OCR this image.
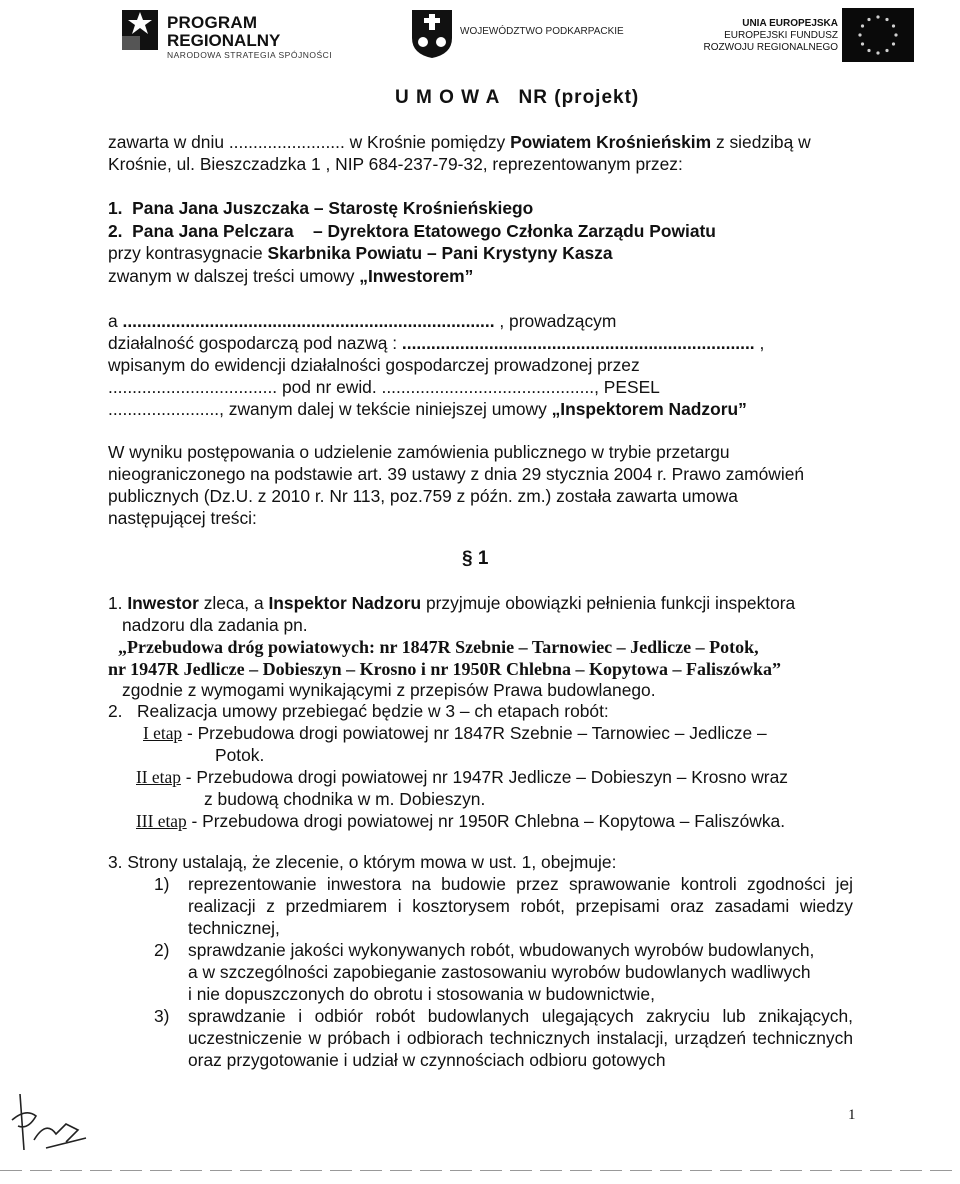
PROGRAM
REGIONALNY
NARODOWA STRATEGIA SPÓJNOŚCI
WOJEWÓDZTWO PODKARPACKIE
UNIA EUROPEJSKA
EUROPEJSKI FUNDUSZ
ROZWOJU REGIONALNEGO
U M O W A   NR (projekt)
zawarta w dniu ........................ w Krośnie pomiędzy Powiatem Krośnieńskim z siedzibą w
Krośnie, ul. Bieszczadzka 1 , NIP 684-237-79-32, reprezentowanym przez:
1.  Pana Jana Juszczaka – Starostę Krośnieńskiego
2.  Pana Jana Pelczara    – Dyrektora Etatowego Członka Zarządu Powiatu
przy kontrasygnacie Skarbnika Powiatu – Pani Krystyny Kasza
zwanym w dalszej treści umowy „Inwestorem”
a ............................................................................. , prowadzącym
działalność gospodarczą pod nazwą : ......................................................................... ,
wpisanym do ewidencji działalności gospodarczej prowadzonej przez
................................... pod nr ewid. ............................................, PESEL
......................., zwanym dalej w tekście niniejszej umowy „Inspektorem Nadzoru”
W wyniku postępowania o udzielenie zamówienia publicznego w trybie przetargu
nieograniczonego na podstawie art. 39 ustawy z dnia 29 stycznia 2004 r. Prawo zamówień
publicznych (Dz.U. z 2010 r. Nr 113, poz.759 z późn. zm.) została zawarta umowa
następującej treści:
§ 1
1. Inwestor zleca, a Inspektor Nadzoru przyjmuje obowiązki pełnienia funkcji inspektora
nadzoru dla zadania pn.
„Przebudowa dróg powiatowych: nr 1847R Szebnie – Tarnowiec – Jedlicze – Potok,
nr 1947R Jedlicze – Dobieszyn – Krosno i nr 1950R Chlebna – Kopytowa – Faliszówka”
zgodnie z wymogami wynikającymi z przepisów Prawa budowlanego.
2.   Realizacja umowy przebiegać będzie w 3 – ch etapach robót:
I etap - Przebudowa drogi powiatowej nr 1847R Szebnie – Tarnowiec – Jedlicze –
Potok.
II etap - Przebudowa drogi powiatowej nr 1947R Jedlicze – Dobieszyn – Krosno wraz
z budową chodnika w m. Dobieszyn.
III etap - Przebudowa drogi powiatowej nr 1950R Chlebna – Kopytowa – Faliszówka.
3. Strony ustalają, że zlecenie, o którym mowa w ust. 1, obejmuje:
1) reprezentowanie inwestora na budowie przez sprawowanie kontroli zgodności jej realizacji z przedmiarem i kosztorysem robót, przepisami oraz zasadami wiedzy technicznej,
2) sprawdzanie jakości wykonywanych robót, wbudowanych wyrobów budowlanych,
a w szczególności zapobieganie zastosowaniu wyrobów budowlanych wadliwych
i nie dopuszczonych do obrotu i stosowania w budownictwie,
3) sprawdzanie i odbiór robót budowlanych ulegających zakryciu lub znikających, uczestniczenie w próbach i odbiorach technicznych instalacji, urządzeń technicznych oraz przygotowanie i udział w czynnościach odbioru gotowych
1
